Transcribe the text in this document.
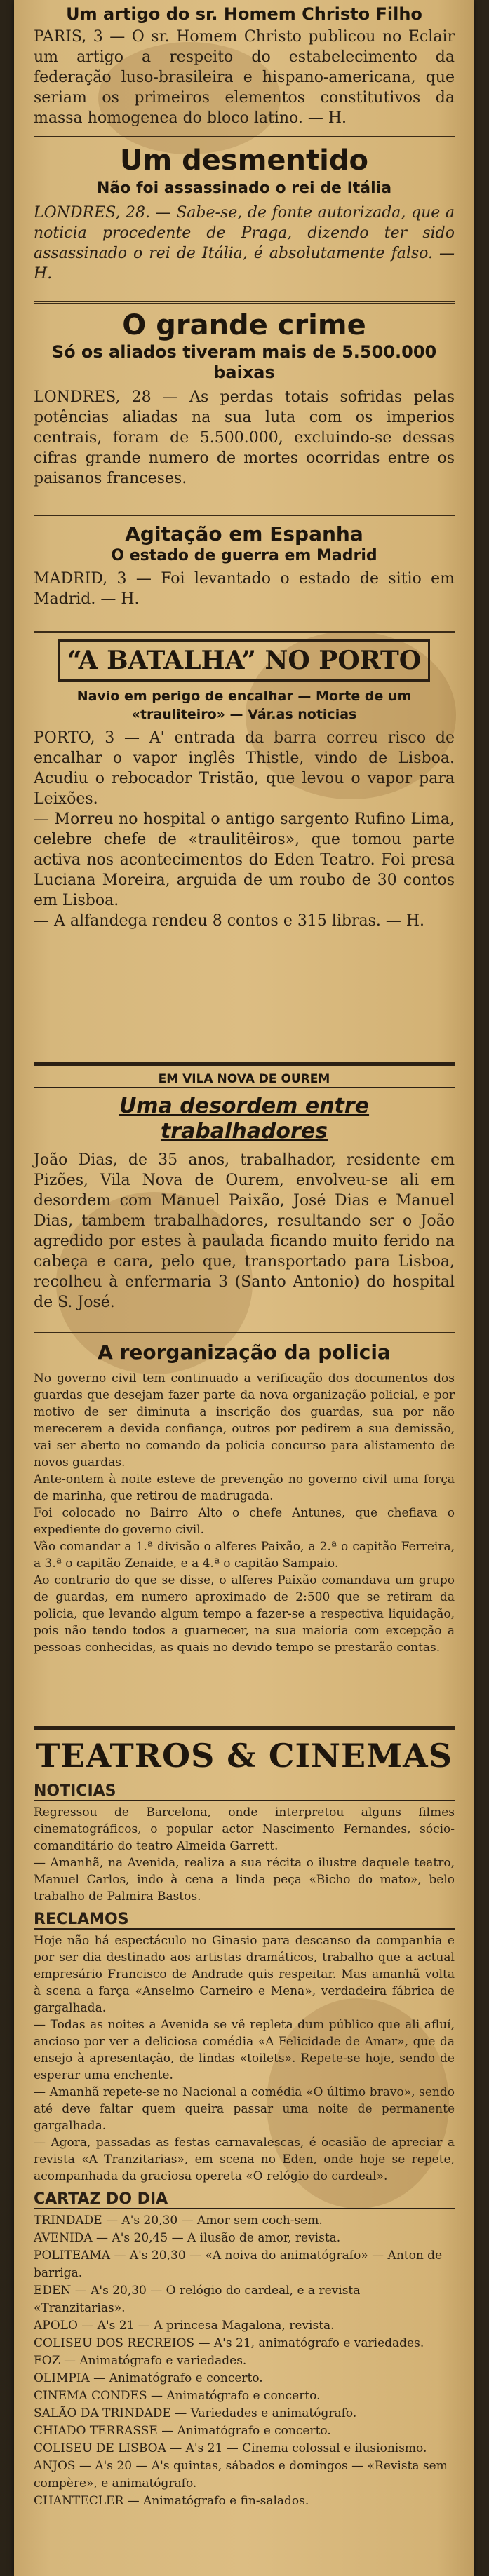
Um artigo do sr. Homem Christo Filho

PARIS, 3 — O sr. Homem Christo publicou no Eclair um artigo a respeito do estabelecimento da federação luso-brasileira e hispano-americana, que seriam os primeiros elementos constitutivos da massa homogenea do bloco latino. — H.

Um desmentido
Não foi assassinado o rei de Itália

LONDRES, 28. — Sabe-se, de fonte autorizada, que a noticia procedente de Praga, dizendo ter sido assassinado o rei de Itália, é absolutamente falso. — H.

O grande crime
Só os aliados tiveram mais de 5.500.000 baixas

LONDRES, 28 — As perdas totais sofridas pelas potências aliadas na sua luta com os imperios centrais, foram de 5.500.000, excluindo-se dessas cifras grande numero de mortes ocorridas entre os paisanos franceses.

Agitação em Espanha
O estado de guerra em Madrid

MADRID, 3 — Foi levantado o estado de sitio em Madrid. — H.

“A BATALHA” NO PORTO
Navio em perigo de encalhar — Morte de um «trauliteiro» — Vár.as noticias

PORTO, 3 — A' entrada da barra correu risco de encalhar o vapor inglês Thistle, vindo de Lisboa. Acudiu o rebocador Tristão, que levou o vapor para Leixões.

— Morreu no hospital o antigo sargento Rufino Lima, celebre chefe de «traulitêiros», que tomou parte activa nos acontecimentos do Eden Teatro. Foi presa Luciana Moreira, arguida de um roubo de 30 contos em Lisboa.

— A alfandega rendeu 8 contos e 315 libras. — H.

EM VILA NOVA DE OUREM
Uma desordem entre trabalhadores

João Dias, de 35 anos, trabalhador, residente em Pizões, Vila Nova de Ourem, envolveu-se ali em desordem com Manuel Paixão, José Dias e Manuel Dias, tambem trabalhadores, resultando ser o João agredido por estes à paulada ficando muito ferido na cabeça e cara, pelo que, transportado para Lisboa, recolheu à enfermaria 3 (Santo Antonio) do hospital de S. José.

A reorganização da policia

No governo civil tem continuado a verificação dos documentos dos guardas que desejam fazer parte da nova organização policial, e por motivo de ser diminuta a inscrição dos guardas, sua por não merecerem a devida confiança, outros por pedirem a sua demissão, vai ser aberto no comando da policia concurso para alistamento de novos guardas.

Ante-ontem à noite esteve de prevenção no governo civil uma força de marinha, que retirou de madrugada.

Foi colocado no Bairro Alto o chefe Antunes, que chefiava o expediente do governo civil.

Vão comandar a 1.ª divisão o alferes Paixão, a 2.ª o capitão Ferreira, a 3.ª o capitão Zenaide, e a 4.ª o capitão Sampaio.

Ao contrario do que se disse, o alferes Paixão comandava um grupo de guardas, em numero aproximado de 2:500 que se retiram da policia, que levando algum tempo a fazer-se a respectiva liquidação, pois não tendo todos a guarnecer, na sua maioria com excepção a pessoas conhecidas, as quais no devido tempo se prestarão contas.

TEATROS & CINEMAS
NOTICIAS

Regressou de Barcelona, onde interpretou alguns filmes cinematográficos, o popular actor Nascimento Fernandes, sócio-comanditário do teatro Almeida Garrett.

— Amanhã, na Avenida, realiza a sua récita o ilustre daquele teatro, Manuel Carlos, indo à cena a linda peça «Bicho do mato», belo trabalho de Palmira Bastos.

RECLAMOS

Hoje não há espectáculo no Ginasio para descanso da companhia e por ser dia destinado aos artistas dramáticos, trabalho que a actual empresário Francisco de Andrade quis respeitar. Mas amanhã volta à scena a farça «Anselmo Carneiro e Mena», verdadeira fábrica de gargalhada.

— Todas as noites a Avenida se vê repleta dum público que ali afluí, ancioso por ver a deliciosa comédia «A Felicidade de Amar», que da ensejo à apresentação, de lindas «toilets». Repete-se hoje, sendo de esperar uma enchente.

— Amanhã repete-se no Nacional a comédia «O último bravo», sendo até deve faltar quem queira passar uma noite de permanente gargalhada.

— Agora, passadas as festas carnavalescas, é ocasião de apreciar a revista «A Tranzitarias», em scena no Eden, onde hoje se repete, acompanhada da graciosa opereta «O relógio do cardeal».

CARTAZ DO DIA

TRINDADE — A's 20,30 — Amor sem coch-sem.

AVENIDA — A's 20,45 — A ilusão de amor, revista.

POLITEAMA — A's 20,30 — «A noiva do animatógrafo» — Anton de barriga.

EDEN — A's 20,30 — O relógio do cardeal, e a revista «Tranzitarias».

APOLO — A's 21 — A princesa Magalona, revista.

COLISEU DOS RECREIOS — A's 21, animatógrafo e variedades.

FOZ — Animatógrafo e variedades.

OLIMPIA — Animatógrafo e concerto.

CINEMA CONDES — Animatógrafo e concerto.

SALÃO DA TRINDADE — Variedades e animatógrafo.

CHIADO TERRASSE — Animatógrafo e concerto.

COLISEU DE LISBOA — A's 21 — Cinema colossal e ilusionismo.

ANJOS — A's 20 — A's quintas, sábados e domingos — «Revista sem compère», e animatógrafo.

CHANTECLER — Animatógrafo e fin-salados.
